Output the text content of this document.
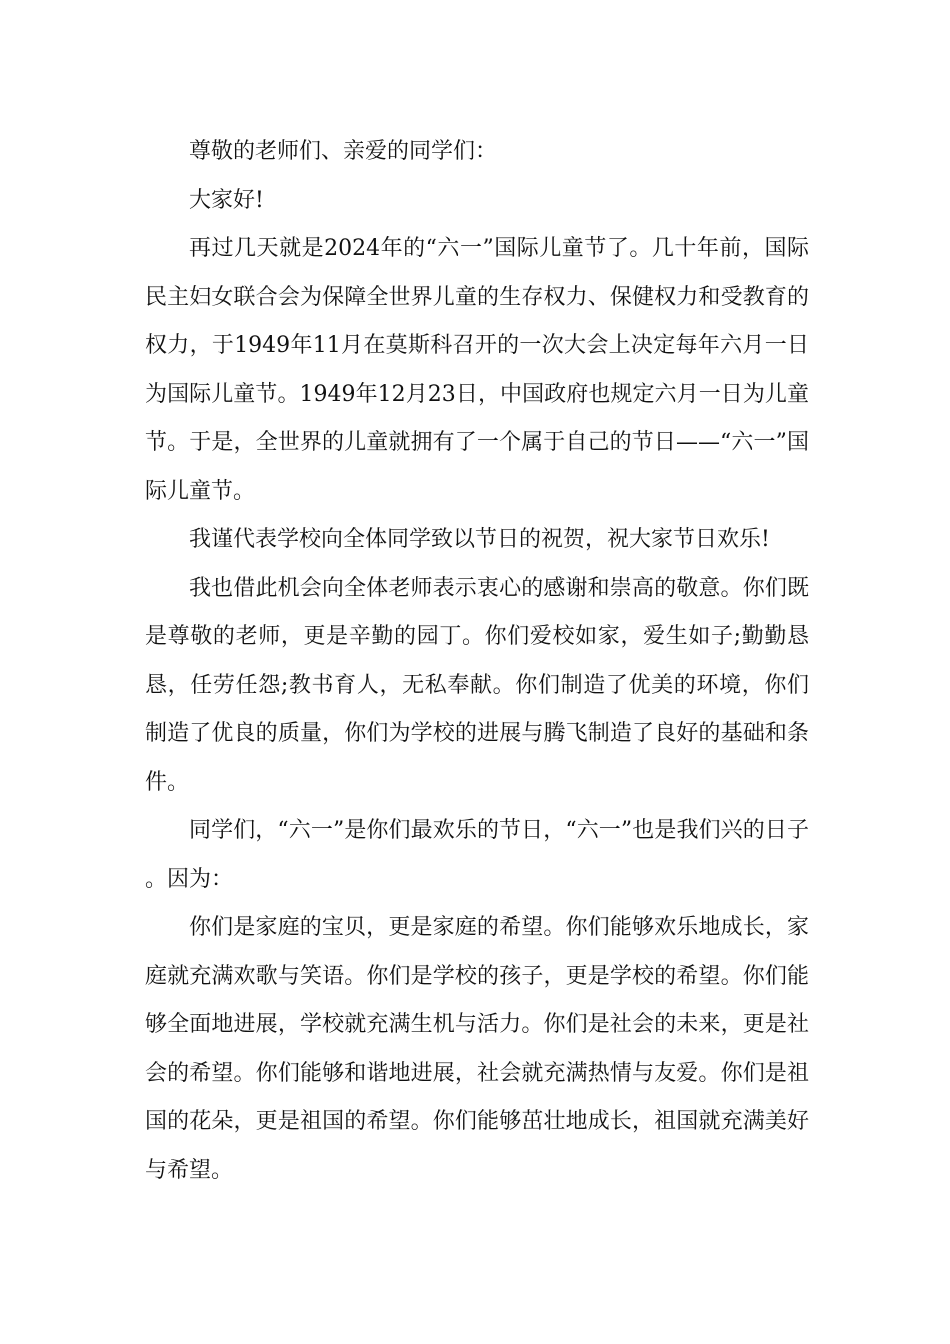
尊敬的老师们、亲爱的同学们：

大家好!

再过几天就是2024年的“六一”国际儿童节了。几十年前，国际民主妇女联合会为保障全世界儿童的生存权力、保健权力和受教育的权力，于1949年11月在莫斯科召开的一次大会上决定每年六月一日为国际儿童节。1949年12月23日，中国政府也规定六月一日为儿童节。于是，全世界的儿童就拥有了一个属于自己的节日——“六一”国际儿童节。

我谨代表学校向全体同学致以节日的祝贺，祝大家节日欢乐!

我也借此机会向全体老师表示衷心的感谢和崇高的敬意。你们既是尊敬的老师，更是辛勤的园丁。你们爱校如家，爱生如子;勤勤恳恳，任劳任怨;教书育人，无私奉献。你们制造了优美的环境，你们制造了优良的质量，你们为学校的进展与腾飞制造了良好的基础和条件。

同学们，“六一”是你们最欢乐的节日，“六一”也是我们兴的日子。因为：

你们是家庭的宝贝，更是家庭的希望。你们能够欢乐地成长，家庭就充满欢歌与笑语。你们是学校的孩子，更是学校的希望。你们能够全面地进展，学校就充满生机与活力。你们是社会的未来，更是社会的希望。你们能够和谐地进展，社会就充满热情与友爱。你们是祖国的花朵，更是祖国的希望。你们能够茁壮地成长，祖国就充满美好与希望。
